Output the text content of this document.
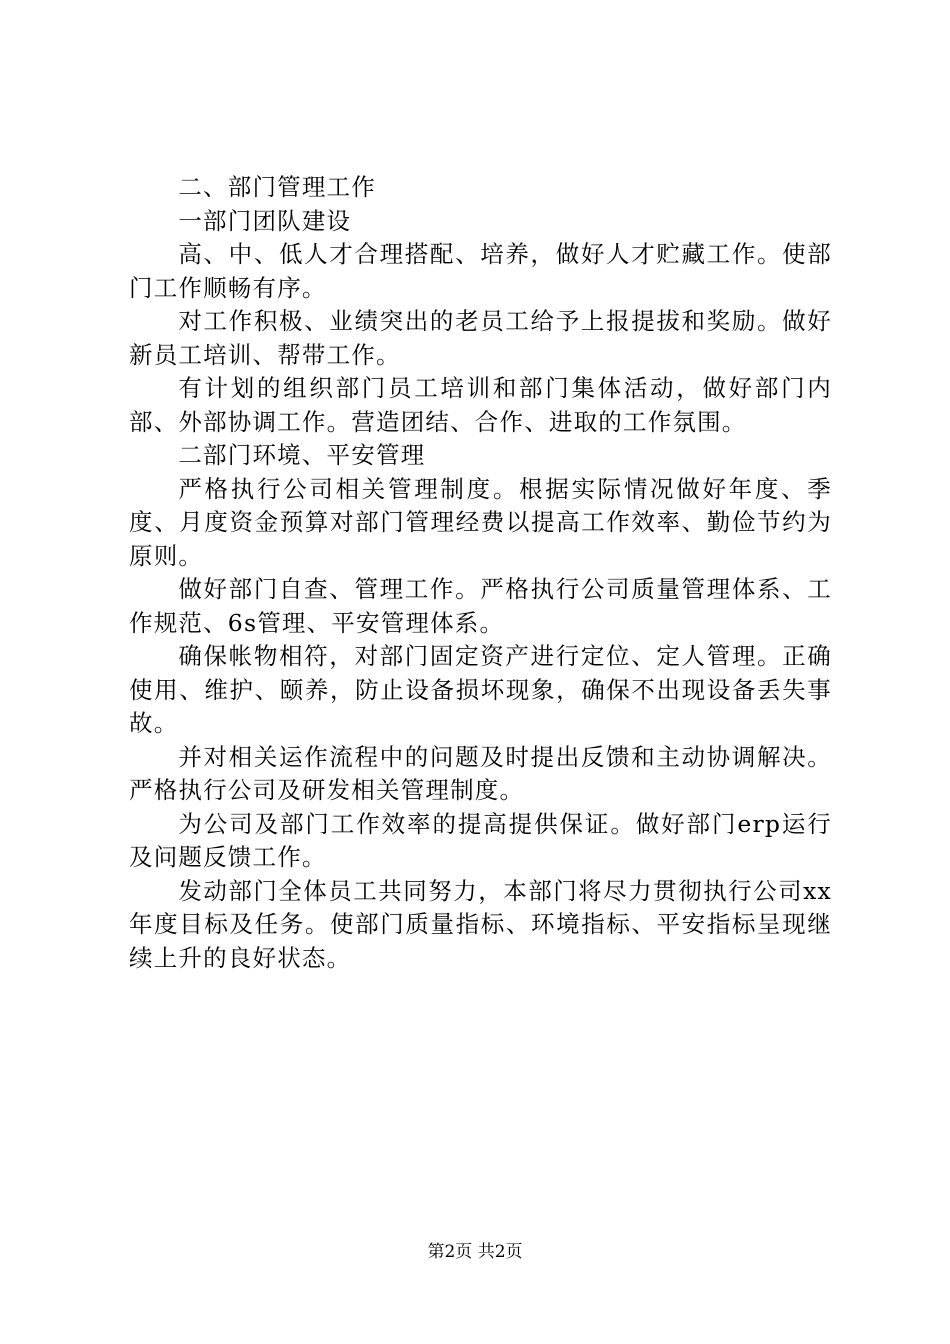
二、部门管理工作

一部门团队建设

高、中、低人才合理搭配、培养，做好人才贮藏工作。使部门工作顺畅有序。

对工作积极、业绩突出的老员工给予上报提拔和奖励。做好新员工培训、帮带工作。

有计划的组织部门员工培训和部门集体活动，做好部门内部、外部协调工作。营造团结、合作、进取的工作氛围。

二部门环境、平安管理

严格执行公司相关管理制度。根据实际情况做好年度、季度、月度资金预算对部门管理经费以提高工作效率、勤俭节约为原则。

做好部门自查、管理工作。严格执行公司质量管理体系、工作规范、6s管理、平安管理体系。

确保帐物相符，对部门固定资产进行定位、定人管理。正确使用、维护、颐养，防止设备损坏现象，确保不出现设备丢失事故。

并对相关运作流程中的问题及时提出反馈和主动协调解决。严格执行公司及研发相关管理制度。

为公司及部门工作效率的提高提供保证。做好部门erp运行及问题反馈工作。

发动部门全体员工共同努力，本部门将尽力贯彻执行公司xx年度目标及任务。使部门质量指标、环境指标、平安指标呈现继续上升的良好状态。

第2页 共2页
